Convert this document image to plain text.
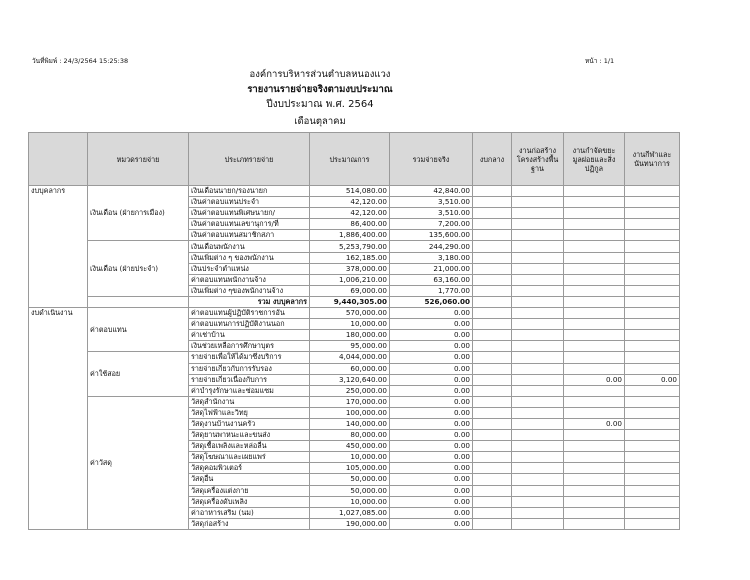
วันที่พิมพ์ : 24/3/2564 15:25:38	หน้า : 1/1
องค์การบริหารส่วนตำบลหนองแวง
รายงานรายจ่ายจริงตามงบประมาณ
ปีงบประมาณ พ.ศ. 2564
เดือนตุลาคม
	หมวดรายจ่าย	ประเภทรายจ่าย	ประมาณการ	รวมจ่ายจริง	งบกลาง	งานก่อสร้างโครงสร้างพื้นฐาน	งานกำจัดขยะมูลฝอยและสิ่งปฏิกูล	งานกีฬาและนันทนาการ
งบบุคลากร	เงินเดือน (ฝ่ายการเมือง)	เงินเดือนนายก/รองนายก	514,080.00	42,840.00				
		เงินค่าตอบแทนประจำ	42,120.00	3,510.00				
		เงินค่าตอบแทนพิเศษนายก/	42,120.00	3,510.00				
		เงินค่าตอบแทนเลขานุการ/ที่	86,400.00	7,200.00				
		เงินค่าตอบแทนสมาชิกสภา	1,886,400.00	135,600.00				
	เงินเดือน (ฝ่ายประจำ)	เงินเดือนพนักงาน	5,253,790.00	244,290.00				
		เงินเพิ่มต่าง ๆ ของพนักงาน	162,185.00	3,180.00				
		เงินประจำตำแหน่ง	378,000.00	21,000.00				
		ค่าตอบแทนพนักงานจ้าง	1,006,210.00	63,160.00				
		เงินเพิ่มต่าง ๆของพนักงานจ้าง	69,000.00	1,770.00				
		รวม งบบุคลากร	9,440,305.00	526,060.00				
งบดำเนินงาน	ค่าตอบแทน	ค่าตอบแทนผู้ปฏิบัติราชการอัน	570,000.00	0.00				
		ค่าตอบแทนการปฏิบัติงานนอก	10,000.00	0.00				
		ค่าเช่าบ้าน	180,000.00	0.00				
		เงินช่วยเหลือการศึกษาบุตร	95,000.00	0.00				
	ค่าใช้สอย	รายจ่ายเพื่อให้ได้มาซึ่งบริการ	4,044,000.00	0.00				
		รายจ่ายเกี่ยวกับการรับรอง	60,000.00	0.00				
		รายจ่ายเกี่ยวเนื่องกับการ	3,120,640.00	0.00			0.00	0.00
		ค่าบำรุงรักษาและซ่อมแซม	250,000.00	0.00				
	ค่าวัสดุ	วัสดุสำนักงาน	170,000.00	0.00				
		วัสดุไฟฟ้าและวิทยุ	100,000.00	0.00				
		วัสดุงานบ้านงานครัว	140,000.00	0.00			0.00	
		วัสดุยานพาหนะและขนส่ง	80,000.00	0.00				
		วัสดุเชื้อเพลิงและหล่อลื่น	450,000.00	0.00				
		วัสดุโฆษณาและเผยแพร่	10,000.00	0.00				
		วัสดุคอมพิวเตอร์	105,000.00	0.00				
		วัสดุอื่น	50,000.00	0.00				
		วัสดุเครื่องแต่งกาย	50,000.00	0.00				
		วัสดุเครื่องดับเพลิง	10,000.00	0.00				
		ค่าอาหารเสริม (นม)	1,027,085.00	0.00				
		วัสดุก่อสร้าง	190,000.00	0.00				
